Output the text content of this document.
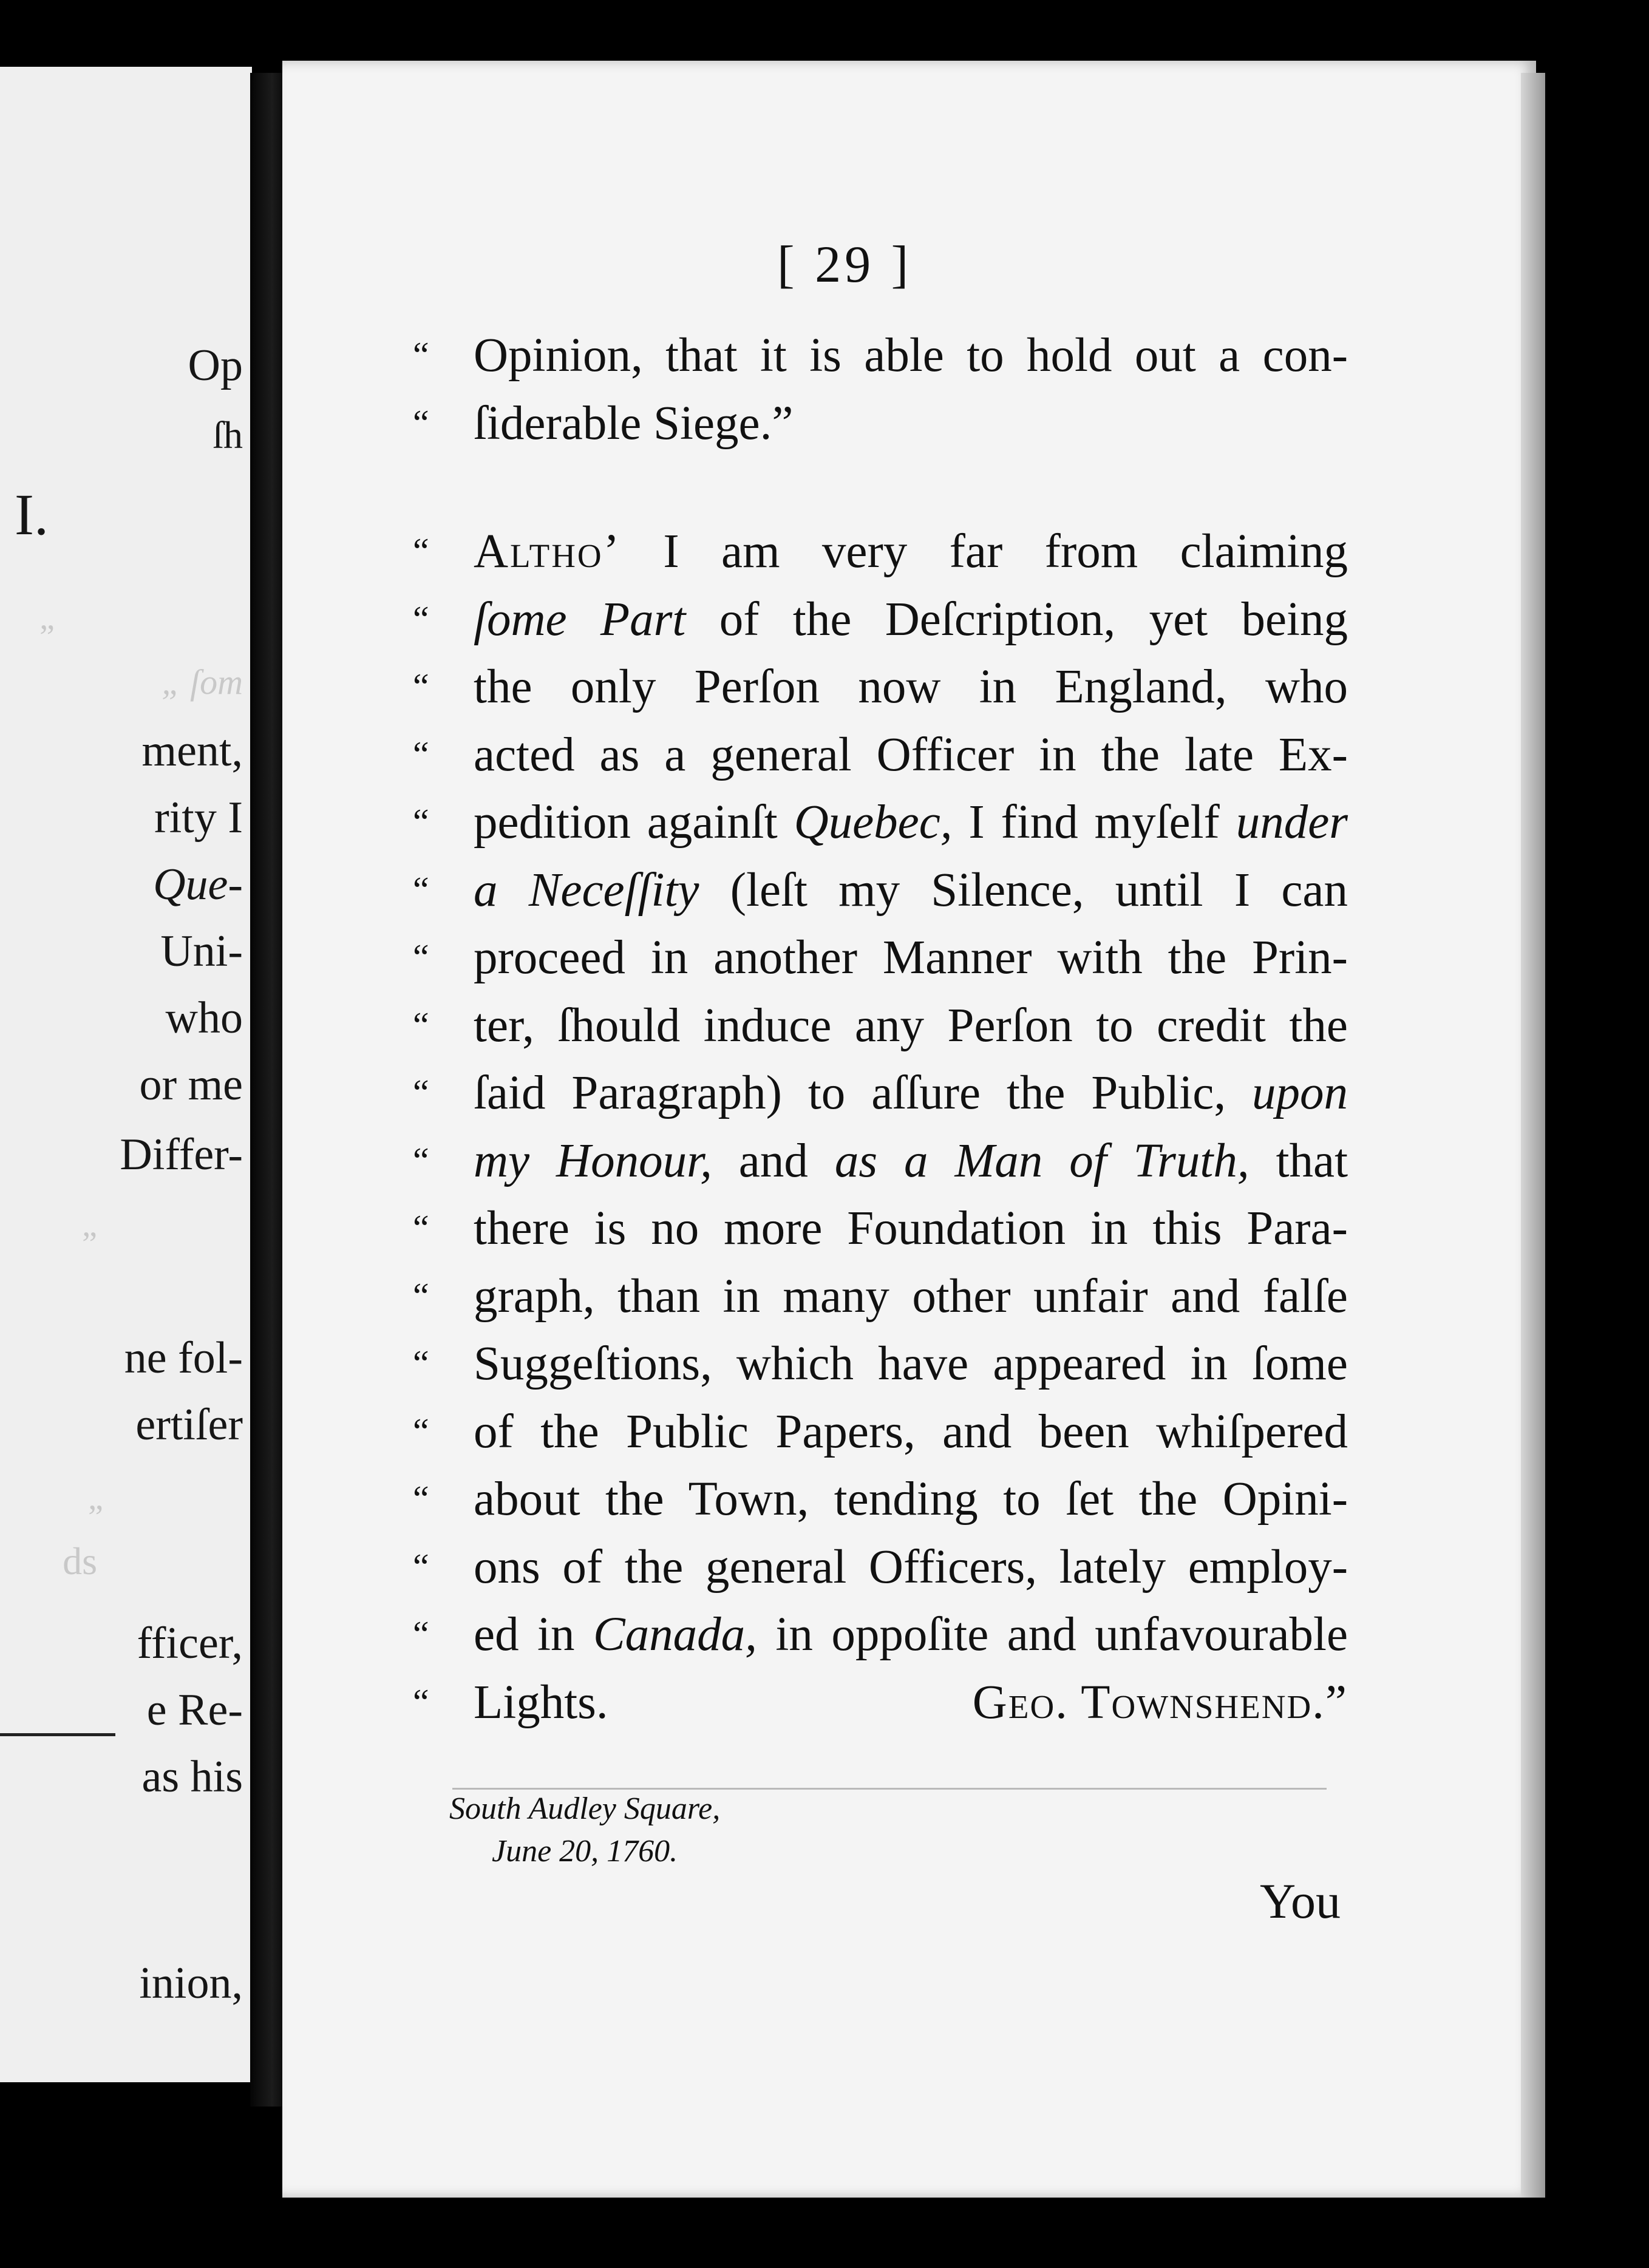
Op
ſh
I.
„
„ ſom
ment,
rity I
Que-
Uni-
who
or me
Differ-
„
ne fol-
ertiſer
„
ds
fficer,
e Re-
as his
inion,
[ 29 ]
“ Opinion, that it is able to hold out a con-
“ ſiderable Siege.”
“ Altho’ I am very far from claiming
“ ſome Part of the Deſcription, yet being
“ the only Perſon now in England, who
“ acted as a general Officer in the late Ex-
“ pedition againſt Quebec, I find myſelf under
“ a Neceſſity (leſt my Silence, until I can
“ proceed in another Manner with the Prin-
“ ter, ſhould induce any Perſon to credit the
“ ſaid Paragraph) to aſſure the Public, upon
“ my Honour, and as a Man of Truth, that
“ there is no more Foundation in this Para-
“ graph, than in many other unfair and falſe
“ Suggeſtions, which have appeared in ſome
“ of the Public Papers, and been whiſpered
“ about the Town, tending to ſet the Opini-
“ ons of the general Officers, lately employ-
“ ed in Canada, in oppoſite and unfavourable
“ Lights.	Geo. Townshend.”
South Audley Square,
June 20, 1760.
You
